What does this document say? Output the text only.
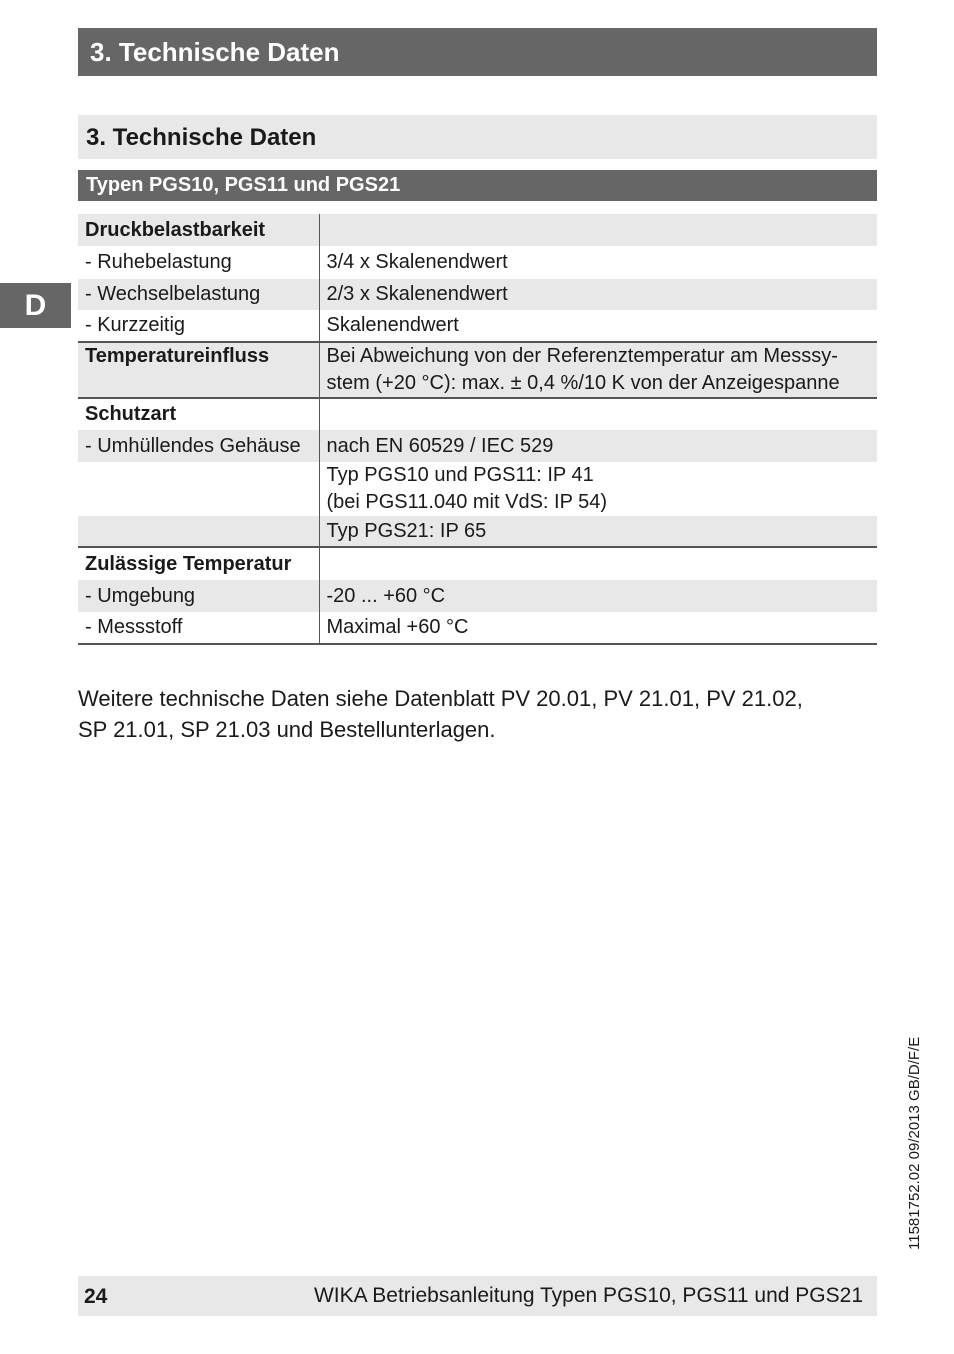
3. Technische Daten
D
3. Technische Daten
Typen PGS10, PGS11 und PGS21
Druckbelastbarkeit	
- Ruhebelastung	3/4 x Skalenendwert
- Wechselbelastung	2/3 x Skalenendwert
- Kurzzeitig	Skalenendwert

Temperatureinfluss	Bei Abweichung von der Referenztemperatur am Messsy-
stem (+20 °C): max. ± 0,4 %/10 K von der Anzeigespanne

Schutzart	
- Umhüllendes Gehäuse	nach EN 60529 / IEC 529

	Typ PGS10 und PGS11: IP 41
(bei PGS11.040 mit VdS: IP 54)

	Typ PGS21: IP 65
Zulässige Temperatur	
- Umgebung	-20 ... +60 °C
- Messstoff	Maximal +60 °C
Weitere technische Daten siehe Datenblatt PV 20.01, PV 21.01, PV 21.02,
SP 21.01, SP 21.03 und Bestellunterlagen.
11581752.02 09/2013 GB/D/F/E
24	WIKA Betriebsanleitung Typen PGS10, PGS11 und PGS21
